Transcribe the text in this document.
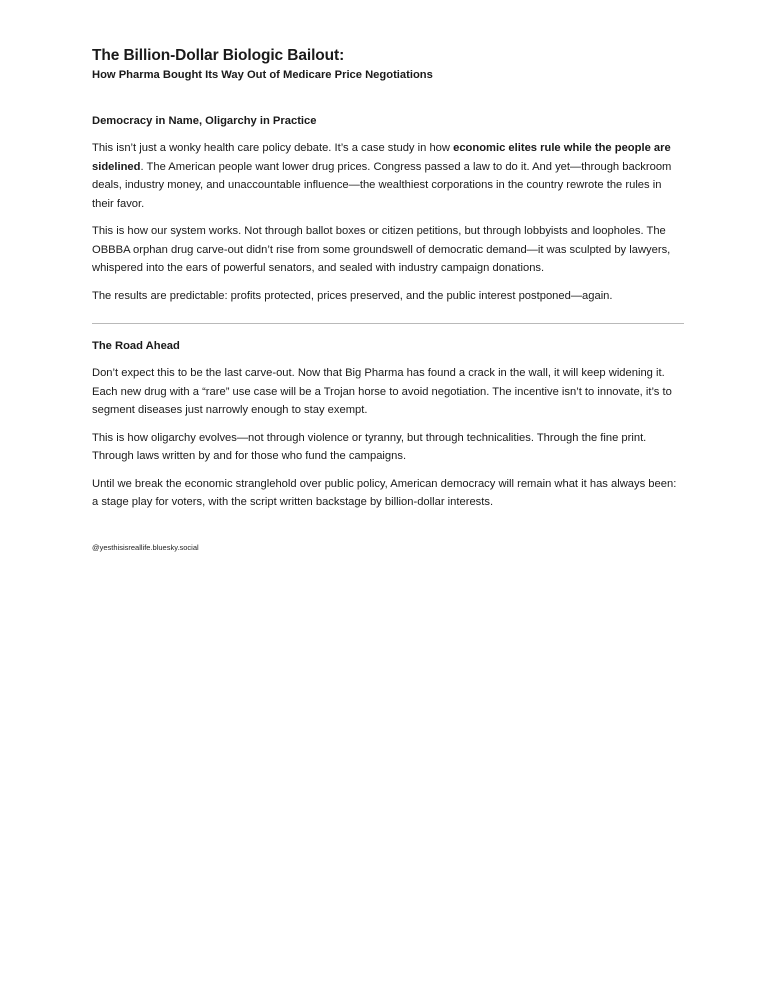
The Billion-Dollar Biologic Bailout:
How Pharma Bought Its Way Out of Medicare Price Negotiations
Democracy in Name, Oligarchy in Practice

This isn’t just a wonky health care policy debate. It’s a case study in how economic elites rule while the people are sidelined. The American people want lower drug prices. Congress passed a law to do it. And yet—through backroom deals, industry money, and unaccountable influence—the wealthiest corporations in the country rewrote the rules in their favor.

This is how our system works. Not through ballot boxes or citizen petitions, but through lobbyists and loopholes. The OBBBA orphan drug carve-out didn’t rise from some groundswell of democratic demand—it was sculpted by lawyers, whispered into the ears of powerful senators, and sealed with industry campaign donations.

The results are predictable: profits protected, prices preserved, and the public interest postponed—again.

The Road Ahead

Don’t expect this to be the last carve-out. Now that Big Pharma has found a crack in the wall, it will keep widening it. Each new drug with a “rare” use case will be a Trojan horse to avoid negotiation. The incentive isn’t to innovate, it’s to segment diseases just narrowly enough to stay exempt.

This is how oligarchy evolves—not through violence or tyranny, but through technicalities. Through the fine print. Through laws written by and for those who fund the campaigns.

Until we break the economic stranglehold over public policy, American democracy will remain what it has always been: a stage play for voters, with the script written backstage by billion-dollar interests.

@yesthisisreallife.bluesky.social
